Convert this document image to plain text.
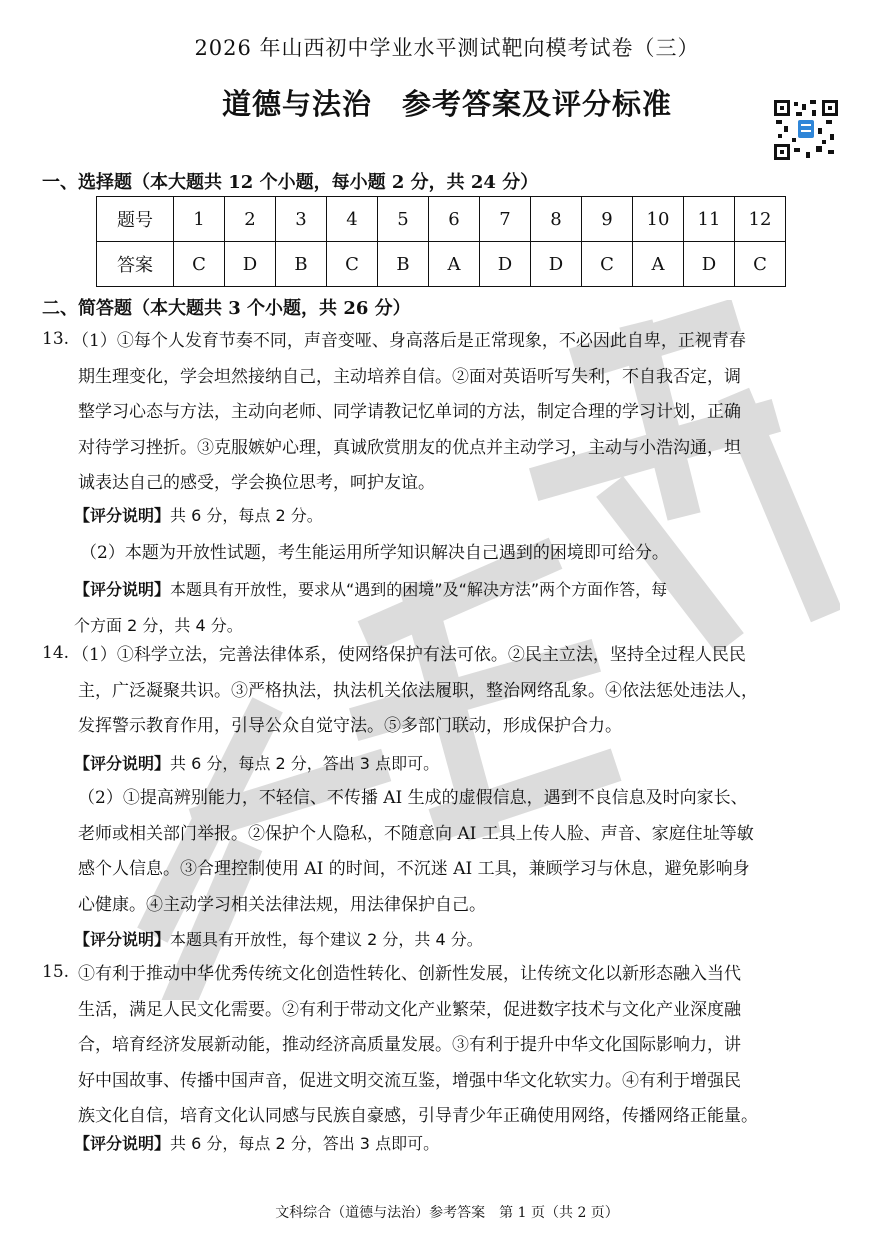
2026 年山西初中学业水平测试靶向模考试卷（三）
道德与法治　参考答案及评分标准
一、选择题（本大题共 12 个小题，每小题 2 分，共 24 分）
题号	1	2	3	4	5	6	7	8	9	10	11	12
答案	C	D	B	C	B	A	D	D	C	A	D	C
二、简答题（本大题共 3 个小题，共 26 分）
13. （1）①每个人发育节奏不同，声音变哑、身高落后是正常现象，不必因此自卑，正视青春
期生理变化，学会坦然接纳自己，主动培养自信。②面对英语听写失利，不自我否定，调
整学习心态与方法，主动向老师、同学请教记忆单词的方法，制定合理的学习计划，正确
对待学习挫折。③克服嫉妒心理，真诚欣赏朋友的优点并主动学习，主动与小浩沟通，坦
诚表达自己的感受，学会换位思考，呵护友谊。
【评分说明】共 6 分，每点 2 分。
（2）本题为开放性试题，考生能运用所学知识解决自己遇到的困境即可给分。
【评分说明】本题具有开放性，要求从“遇到的困境”及“解决方法”两个方面作答，每
个方面 2 分，共 4 分。
14. （1）①科学立法，完善法律体系，使网络保护有法可依。②民主立法，坚持全过程人民民
主，广泛凝聚共识。③严格执法，执法机关依法履职，整治网络乱象。④依法惩处违法人，
发挥警示教育作用，引导公众自觉守法。⑤多部门联动，形成保护合力。
【评分说明】共 6 分，每点 2 分，答出 3 点即可。
（2）①提高辨别能力，不轻信、不传播 AI 生成的虚假信息，遇到不良信息及时向家长、
老师或相关部门举报。②保护个人隐私，不随意向 AI 工具上传人脸、声音、家庭住址等敏
感个人信息。③合理控制使用 AI 的时间，不沉迷 AI 工具，兼顾学习与休息，避免影响身
心健康。④主动学习相关法律法规，用法律保护自己。
【评分说明】本题具有开放性，每个建议 2 分，共 4 分。
15. ①有利于推动中华优秀传统文化创造性转化、创新性发展，让传统文化以新形态融入当代
生活，满足人民文化需要。②有利于带动文化产业繁荣，促进数字技术与文化产业深度融
合，培育经济发展新动能，推动经济高质量发展。③有利于提升中华文化国际影响力，讲
好中国故事、传播中国声音，促进文明交流互鉴，增强中华文化软实力。④有利于增强民
族文化自信，培育文化认同感与民族自豪感，引导青少年正确使用网络，传播网络正能量。
【评分说明】共 6 分，每点 2 分，答出 3 点即可。
文科综合（道德与法治）参考答案　第 1 页（共 2 页）
